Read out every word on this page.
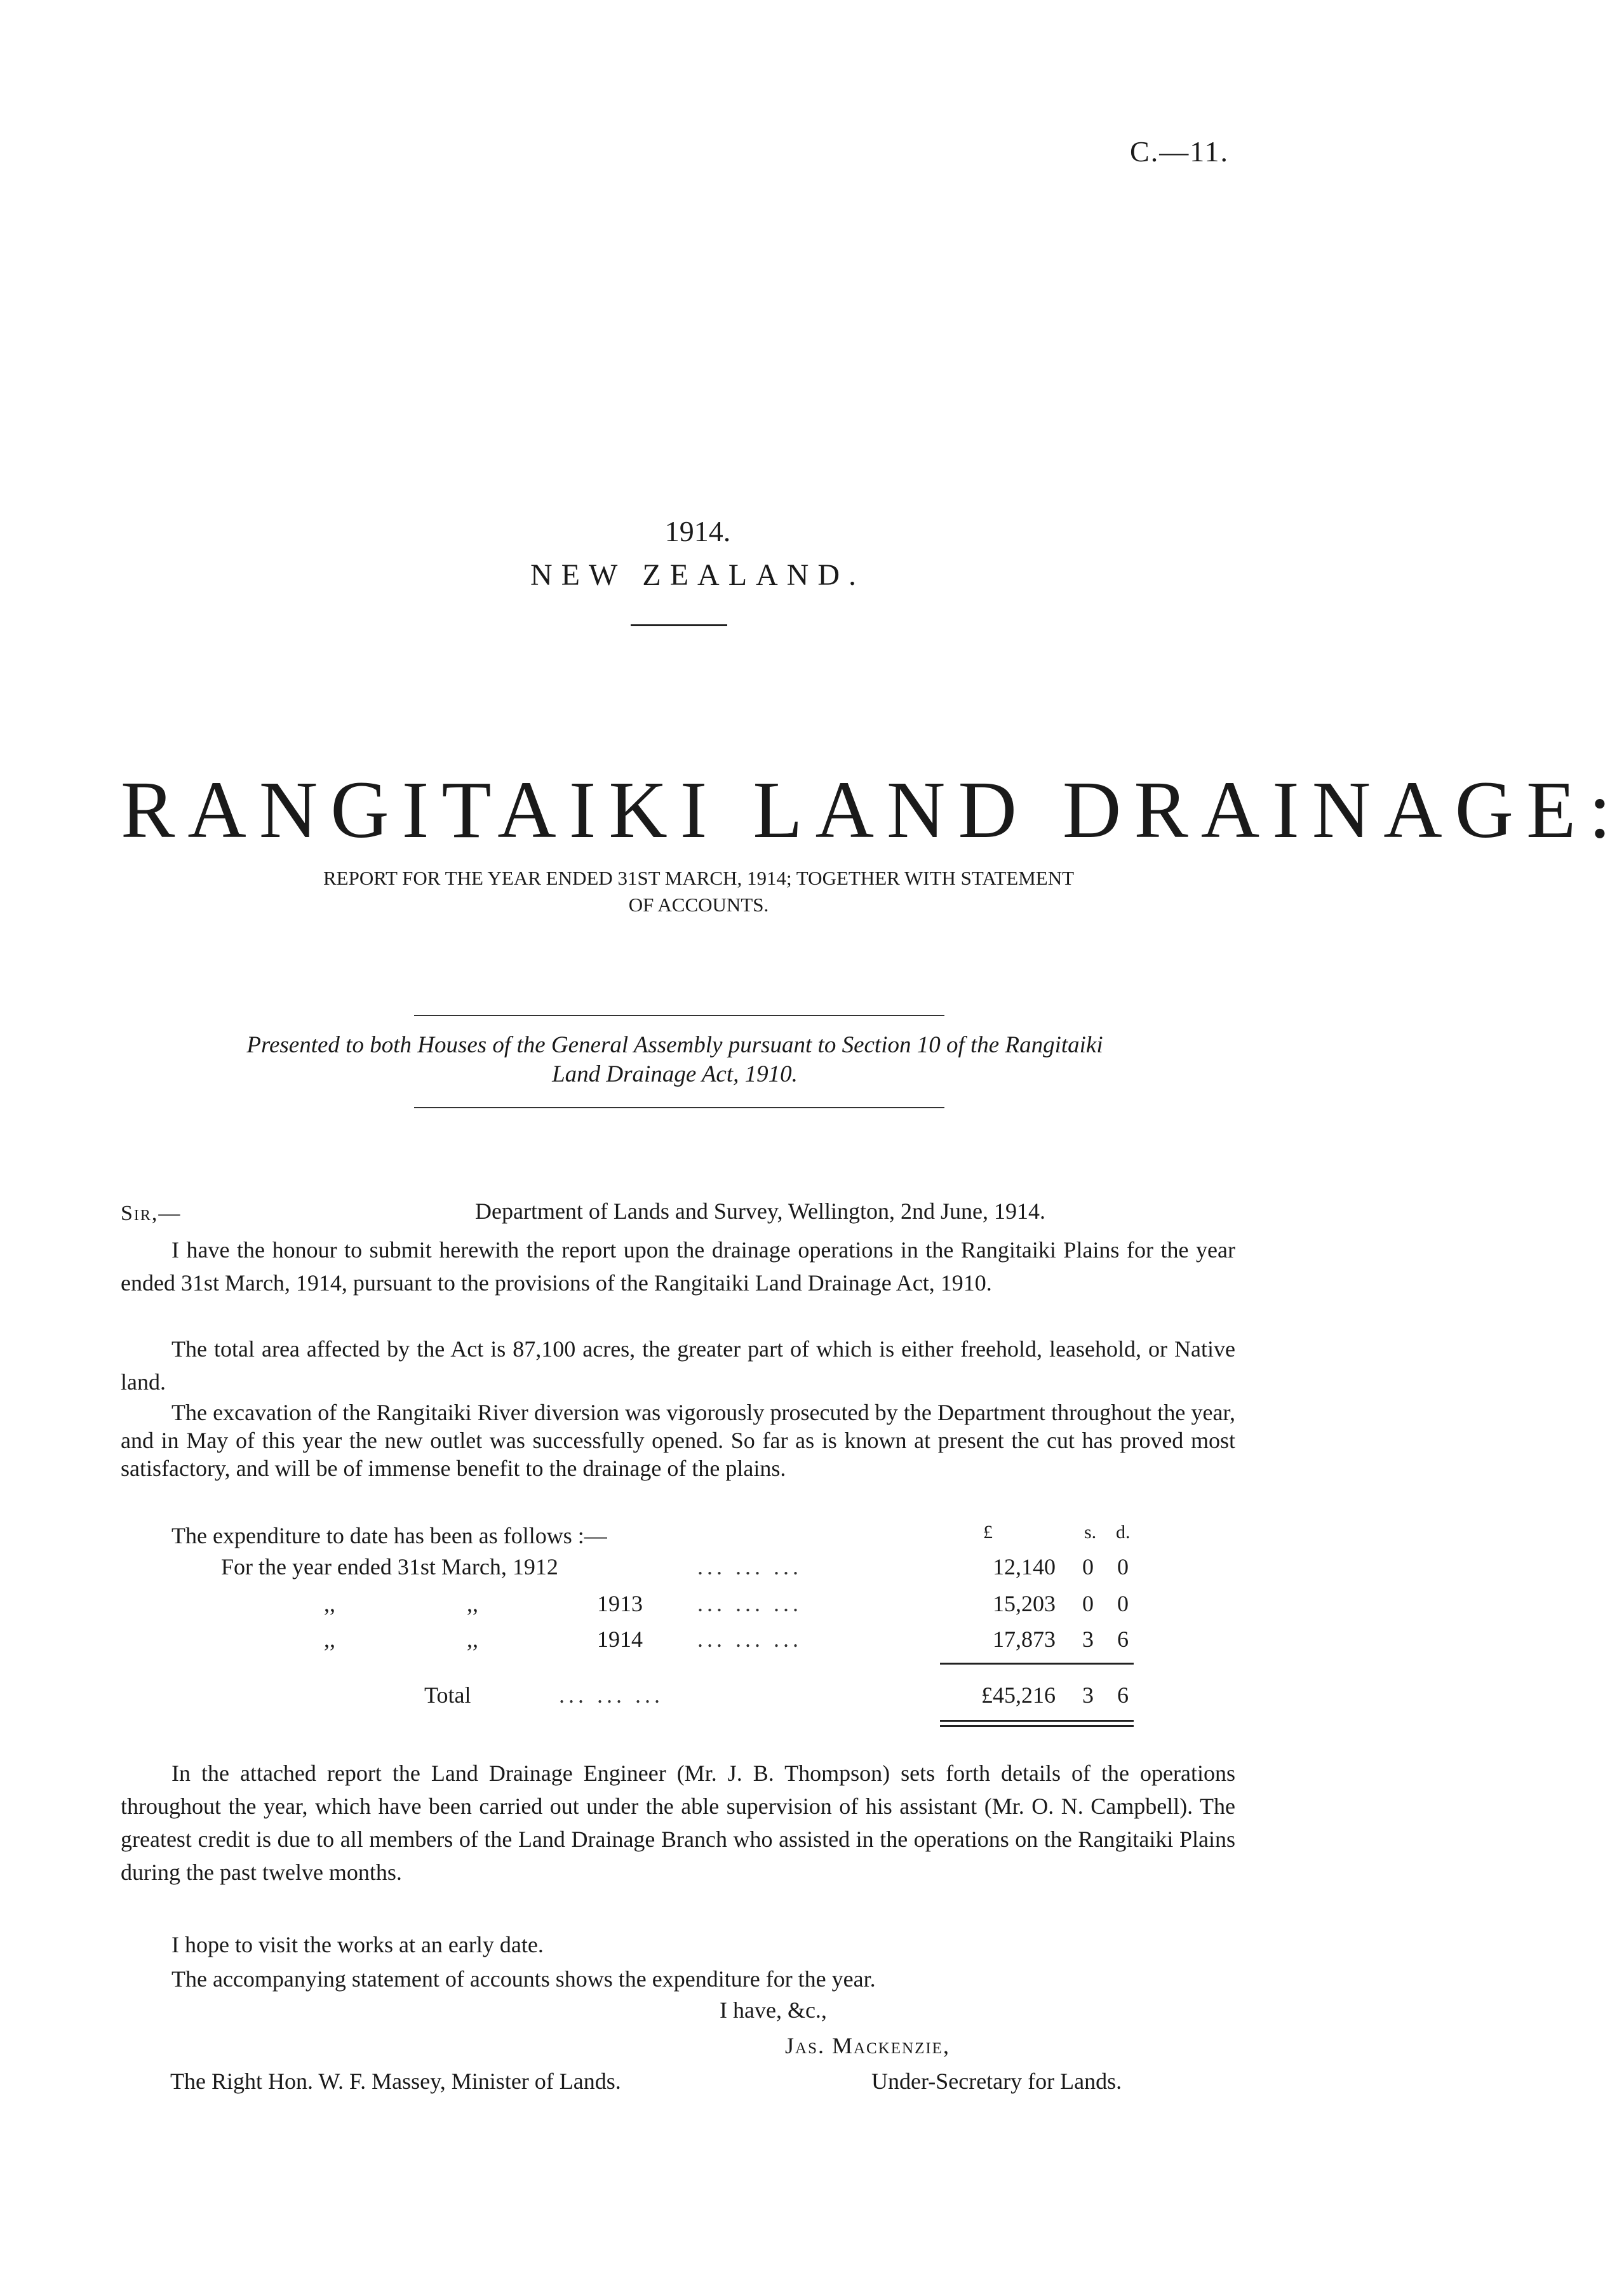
C.—11.
1914.
NEW ZEALAND.
RANGITAIKI LAND DRAINAGE:
REPORT FOR THE YEAR ENDED 31ST MARCH, 1914; TOGETHER WITH STATEMENT
OF ACCOUNTS.
Presented to both Houses of the General Assembly pursuant to Section 10 of the Rangitaiki
Land Drainage Act, 1910.
Sir,—	Department of Lands and Survey, Wellington, 2nd June, 1914.
I have the honour to submit herewith the report upon the drainage operations in the Rangitaiki Plains for the year ended 31st March, 1914, pursuant to the provisions of the Rangitaiki Land Drainage Act, 1910.
The total area affected by the Act is 87,100 acres, the greater part of which is either freehold, leasehold, or Native land.
The excavation of the Rangitaiki River diversion was vigorously prosecuted by the Department throughout the year, and in May of this year the new outlet was successfully opened. So far as is known at present the cut has proved most satisfactory, and will be of immense benefit to the drainage of the plains.
The expenditure to date has been as follows :—	£	s. d.
For the year ended 31st March, 1912	... ... ...	12,140	0	0
,,	,,	1913 ... ... ...	15,203	0	0
,,	,,	1914 ... ... ...	17,873	3	6
Total	... ... ...	£45,216	3	6
In the attached report the Land Drainage Engineer (Mr. J. B. Thompson) sets forth details of the operations throughout the year, which have been carried out under the able supervision of his assistant (Mr. O. N. Campbell). The greatest credit is due to all members of the Land Drainage Branch who assisted in the operations on the Rangitaiki Plains during the past twelve months.
I hope to visit the works at an early date.
The accompanying statement of accounts shows the expenditure for the year.
I have, &c.,
Jas. Mackenzie,
The Right Hon. W. F. Massey, Minister of Lands.	Under-Secretary for Lands.
